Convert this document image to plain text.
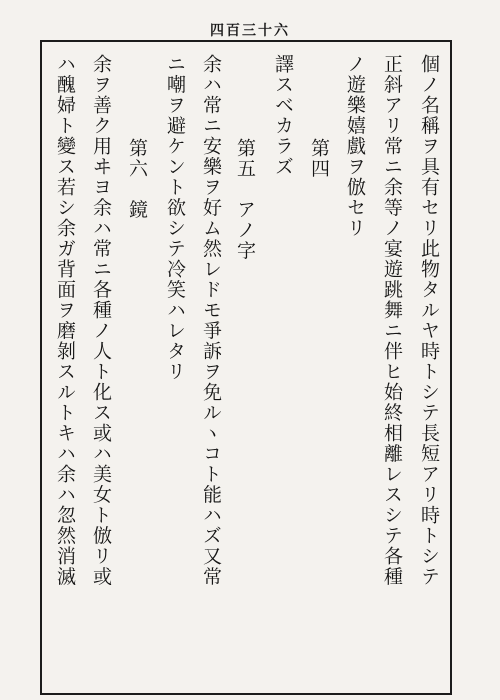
四百三十六
個ノ名稱ヲ具有セリ此物タルヤ時トシテ長短アリ時トシテ
正斜アリ常ニ余等ノ宴遊跳舞ニ伴ヒ始終相離レスシテ各種
ノ遊樂嬉戲ヲ倣セリ
第四
譯スベカラズ
余ハ常ニ安樂ヲ好ム然レドモ爭訴ヲ免ルヽコト能ハズ又常
ニ嘲ヲ避ケント欲シテ冷笑ハレタリ	第五　アノ字
第六　鏡
余ヲ善ク用ヰヨ余ハ常ニ各種ノ人ト化ス或ハ美女ト倣リ或
ハ醜婦ト變ス若シ余ガ背面ヲ磨剝スルトキハ余ハ忽然消滅
